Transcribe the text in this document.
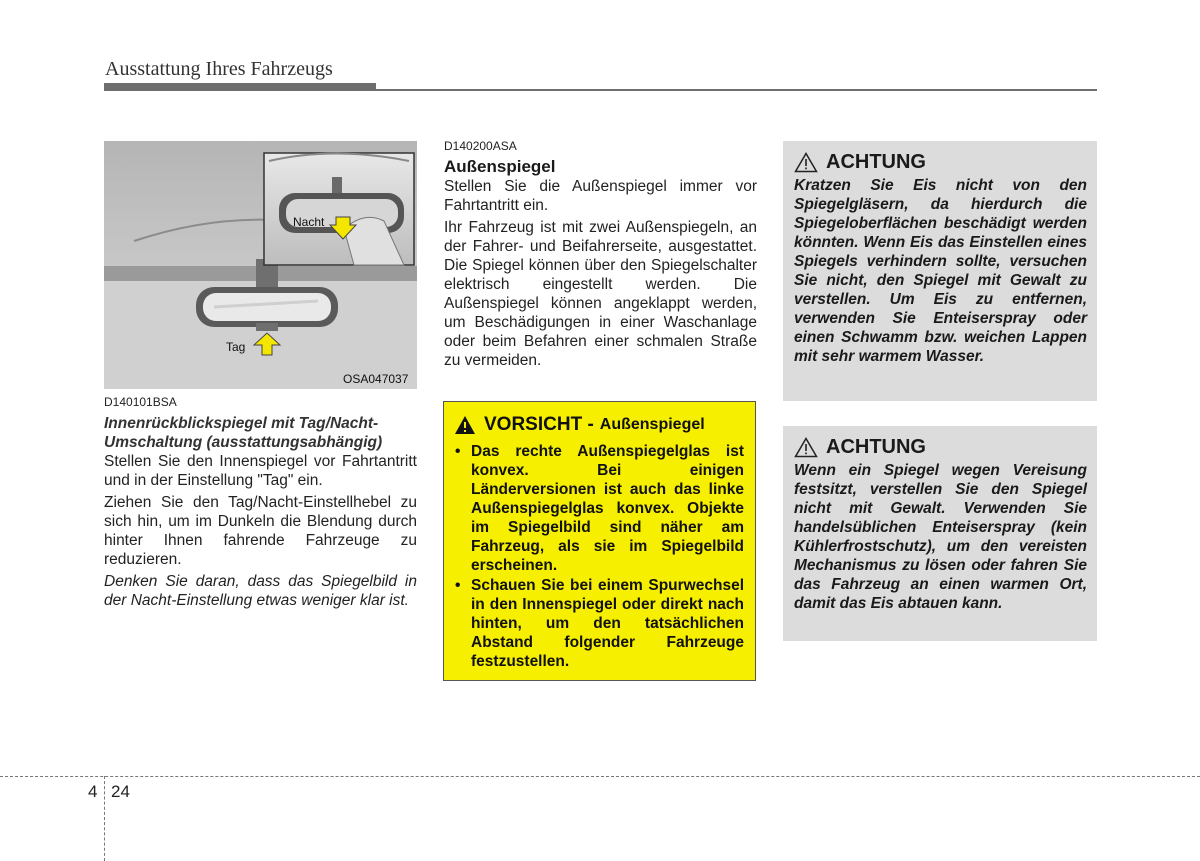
Ausstattung Ihres Fahrzeugs
Nacht
Tag
OSA047037
D140101BSA
Innenrückblickspiegel mit Tag/Nacht-Umschaltung (ausstattungsabhängig)

Stellen Sie den Innenspiegel vor Fahrtantritt und in der Einstellung "Tag" ein.

Ziehen Sie den Tag/Nacht-Einstellhebel zu sich hin, um im Dunkeln die Blendung durch hinter Ihnen fahrende Fahrzeuge zu reduzieren.

Denken Sie daran, dass das Spiegelbild in der Nacht-Einstellung etwas weniger klar ist.

D140200ASA
Außenspiegel

Stellen Sie die Außenspiegel immer vor Fahrtantritt ein.

Ihr Fahrzeug ist mit zwei Außenspiegeln, an der Fahrer- und Beifahrerseite, ausgestattet. Die Spiegel können über den Spiegelschalter elektrisch eingestellt werden. Die Außenspiegel können angeklappt werden, um Beschädigungen in einer Waschanlage oder beim Befahren einer schmalen Straße zu vermeiden.

VORSICHT - Außenspiegel
• Das rechte Außenspiegelglas ist konvex. Bei einigen Länderversionen ist auch das linke Außenspiegelglas konvex. Objekte im Spiegelbild sind näher am Fahrzeug, als sie im Spiegelbild erscheinen.
• Schauen Sie bei einem Spurwechsel in den Innenspiegel oder direkt nach hinten, um den tatsächlichen Abstand folgender Fahrzeuge festzustellen.
ACHTUNG
Kratzen Sie Eis nicht von den Spiegelgläsern, da hierdurch die Spiegeloberflächen beschädigt werden könnten. Wenn Eis das Einstellen eines Spiegels verhindern sollte, versuchen Sie nicht, den Spiegel mit Gewalt zu verstellen. Um Eis zu entfernen, verwenden Sie Enteiserspray oder einen Schwamm bzw. weichen Lappen mit sehr warmem Wasser.
ACHTUNG
Wenn ein Spiegel wegen Vereisung festsitzt, verstellen Sie den Spiegel nicht mit Gewalt. Verwenden Sie handelsüblichen Enteiserspray (kein Kühlerfrostschutz), um den vereisten Mechanismus zu lösen oder fahren Sie das Fahrzeug an einen warmen Ort, damit das Eis abtauen kann.
4 24
